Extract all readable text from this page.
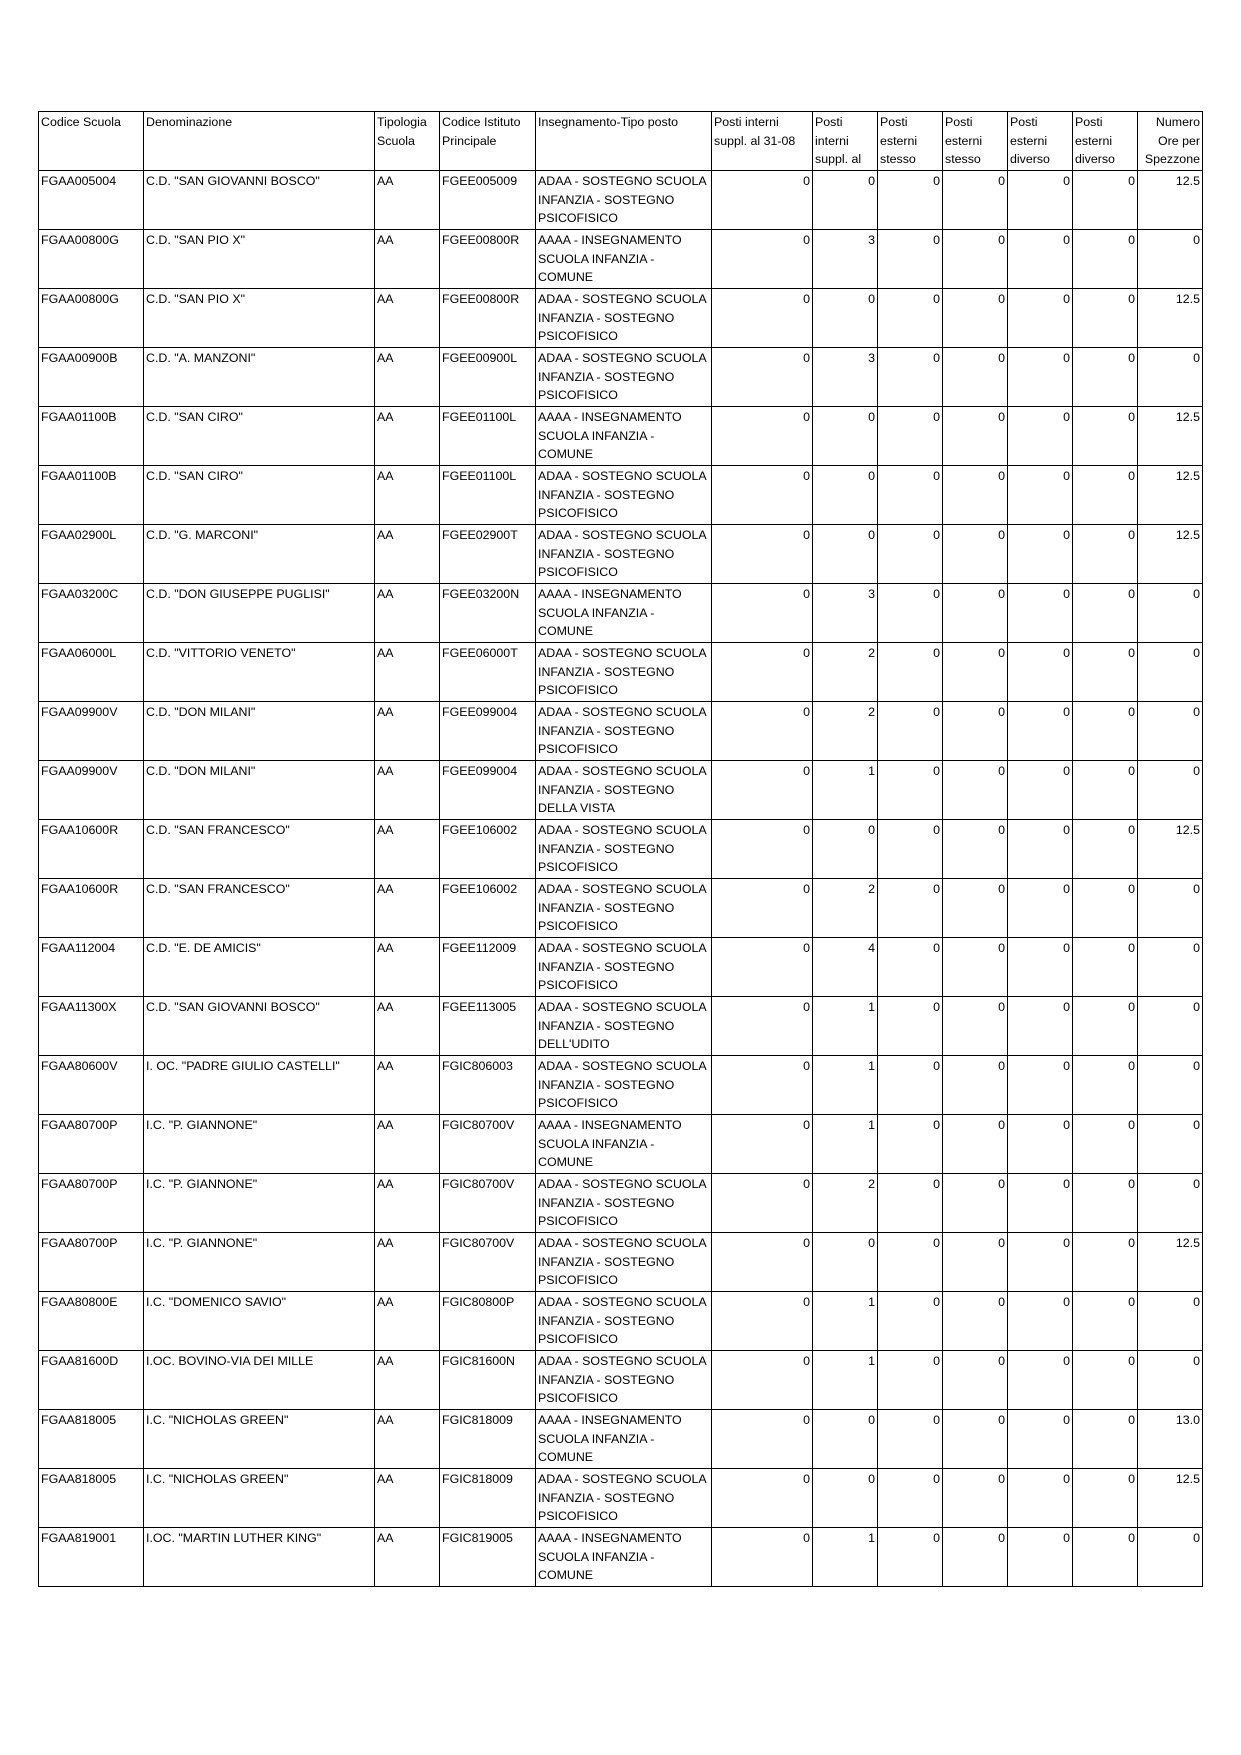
Codice Scuola	Denominazione	Tipologia Scuola	Codice Istituto Principale	Insegnamento-Tipo posto	Posti interni suppl. al 31-08	Posti interni suppl. al	Posti esterni stesso	Posti esterni stesso	Posti esterni diverso	Posti esterni diverso	Numero Ore per Spezzone
FGAA005004	C.D. "SAN GIOVANNI BOSCO"	AA	FGEE005009	ADAA - SOSTEGNO SCUOLA INFANZIA - SOSTEGNO PSICOFISICO	0	0	0	0	0	0	12.5
FGAA00800G	C.D. "SAN PIO X"	AA	FGEE00800R	AAAA - INSEGNAMENTO SCUOLA INFANZIA - COMUNE	0	3	0	0	0	0	0
FGAA00800G	C.D. "SAN PIO X"	AA	FGEE00800R	ADAA - SOSTEGNO SCUOLA INFANZIA - SOSTEGNO PSICOFISICO	0	0	0	0	0	0	12.5
FGAA00900B	C.D. "A. MANZONI"	AA	FGEE00900L	ADAA - SOSTEGNO SCUOLA INFANZIA - SOSTEGNO PSICOFISICO	0	3	0	0	0	0	0
FGAA01100B	C.D. "SAN CIRO"	AA	FGEE01100L	AAAA - INSEGNAMENTO SCUOLA INFANZIA - COMUNE	0	0	0	0	0	0	12.5
FGAA01100B	C.D. "SAN CIRO"	AA	FGEE01100L	ADAA - SOSTEGNO SCUOLA INFANZIA - SOSTEGNO PSICOFISICO	0	0	0	0	0	0	12.5
FGAA02900L	C.D. "G. MARCONI"	AA	FGEE02900T	ADAA - SOSTEGNO SCUOLA INFANZIA - SOSTEGNO PSICOFISICO	0	0	0	0	0	0	12.5
FGAA03200C	C.D. "DON GIUSEPPE PUGLISI"	AA	FGEE03200N	AAAA - INSEGNAMENTO SCUOLA INFANZIA - COMUNE	0	3	0	0	0	0	0
FGAA06000L	C.D. "VITTORIO VENETO"	AA	FGEE06000T	ADAA - SOSTEGNO SCUOLA INFANZIA - SOSTEGNO PSICOFISICO	0	2	0	0	0	0	0
FGAA09900V	C.D. "DON MILANI"	AA	FGEE099004	ADAA - SOSTEGNO SCUOLA INFANZIA - SOSTEGNO PSICOFISICO	0	2	0	0	0	0	0
FGAA09900V	C.D. "DON MILANI"	AA	FGEE099004	ADAA - SOSTEGNO SCUOLA INFANZIA - SOSTEGNO DELLA VISTA	0	1	0	0	0	0	0
FGAA10600R	C.D. "SAN FRANCESCO"	AA	FGEE106002	ADAA - SOSTEGNO SCUOLA INFANZIA - SOSTEGNO PSICOFISICO	0	0	0	0	0	0	12.5
FGAA10600R	C.D. "SAN FRANCESCO"	AA	FGEE106002	ADAA - SOSTEGNO SCUOLA INFANZIA - SOSTEGNO PSICOFISICO	0	2	0	0	0	0	0
FGAA112004	C.D. "E. DE AMICIS"	AA	FGEE112009	ADAA - SOSTEGNO SCUOLA INFANZIA - SOSTEGNO PSICOFISICO	0	4	0	0	0	0	0
FGAA11300X	C.D. "SAN GIOVANNI BOSCO"	AA	FGEE113005	ADAA - SOSTEGNO SCUOLA INFANZIA - SOSTEGNO DELL'UDITO	0	1	0	0	0	0	0
FGAA80600V	I. OC. "PADRE GIULIO CASTELLI"	AA	FGIC806003	ADAA - SOSTEGNO SCUOLA INFANZIA - SOSTEGNO PSICOFISICO	0	1	0	0	0	0	0
FGAA80700P	I.C. "P. GIANNONE"	AA	FGIC80700V	AAAA - INSEGNAMENTO SCUOLA INFANZIA - COMUNE	0	1	0	0	0	0	0
FGAA80700P	I.C. "P. GIANNONE"	AA	FGIC80700V	ADAA - SOSTEGNO SCUOLA INFANZIA - SOSTEGNO PSICOFISICO	0	2	0	0	0	0	0
FGAA80700P	I.C. "P. GIANNONE"	AA	FGIC80700V	ADAA - SOSTEGNO SCUOLA INFANZIA - SOSTEGNO PSICOFISICO	0	0	0	0	0	0	12.5
FGAA80800E	I.C. "DOMENICO SAVIO"	AA	FGIC80800P	ADAA - SOSTEGNO SCUOLA INFANZIA - SOSTEGNO PSICOFISICO	0	1	0	0	0	0	0
FGAA81600D	I.OC. BOVINO-VIA DEI MILLE	AA	FGIC81600N	ADAA - SOSTEGNO SCUOLA INFANZIA - SOSTEGNO PSICOFISICO	0	1	0	0	0	0	0
FGAA818005	I.C. "NICHOLAS GREEN"	AA	FGIC818009	AAAA - INSEGNAMENTO SCUOLA INFANZIA - COMUNE	0	0	0	0	0	0	13.0
FGAA818005	I.C. "NICHOLAS GREEN"	AA	FGIC818009	ADAA - SOSTEGNO SCUOLA INFANZIA - SOSTEGNO PSICOFISICO	0	0	0	0	0	0	12.5
FGAA819001	I.OC. "MARTIN LUTHER KING"	AA	FGIC819005	AAAA - INSEGNAMENTO SCUOLA INFANZIA - COMUNE	0	1	0	0	0	0	0
